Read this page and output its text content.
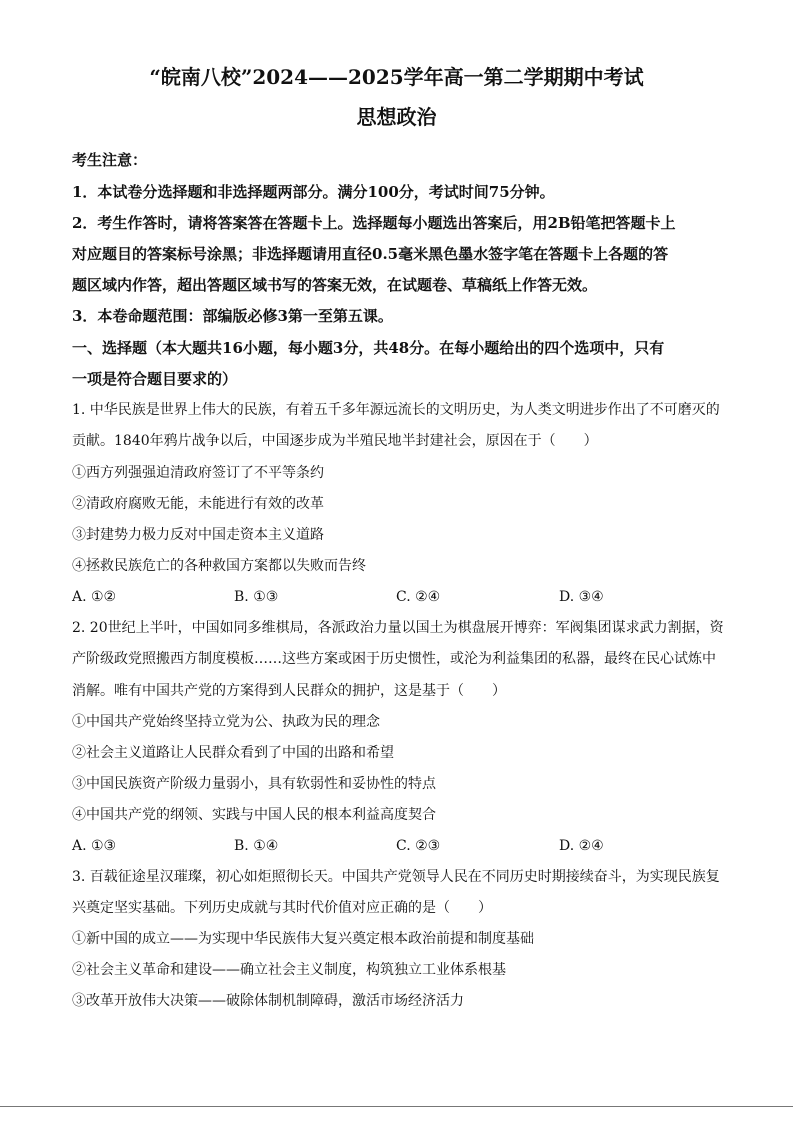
“皖南八校”2024——2025学年高一第二学期期中考试
思想政治
考生注意：
1．本试卷分选择题和非选择题两部分。满分100分，考试时间75分钟。
2．考生作答时，请将答案答在答题卡上。选择题每小题选出答案后，用2B铅笔把答题卡上
对应题目的答案标号涂黑；非选择题请用直径0.5毫米黑色墨水签字笔在答题卡上各题的答
题区域内作答，超出答题区域书写的答案无效，在试题卷、草稿纸上作答无效。
3．本卷命题范围：部编版必修3第一至第五课。
一、选择题（本大题共16小题，每小题3分，共48分。在每小题给出的四个选项中，只有
一项是符合题目要求的）
1. 中华民族是世界上伟大的民族，有着五千多年源远流长的文明历史，为人类文明进步作出了不可磨灭的
贡献。1840年鸦片战争以后，中国逐步成为半殖民地半封建社会，原因在于（　　）
①西方列强强迫清政府签订了不平等条约
②清政府腐败无能，未能进行有效的改革
③封建势力极力反对中国走资本主义道路
④拯救民族危亡的各种救国方案都以失败而告终
A. ①②	B. ①③	C. ②④	D. ③④
2. 20世纪上半叶，中国如同多维棋局，各派政治力量以国土为棋盘展开博弈：军阀集团谋求武力割据，资
产阶级政党照搬西方制度模板……这些方案或困于历史惯性，或沦为利益集团的私器，最终在民心试炼中
消解。唯有中国共产党的方案得到人民群众的拥护，这是基于（　　）
①中国共产党始终坚持立党为公、执政为民的理念
②社会主义道路让人民群众看到了中国的出路和希望
③中国民族资产阶级力量弱小，具有软弱性和妥协性的特点
④中国共产党的纲领、实践与中国人民的根本利益高度契合
A. ①③	B. ①④	C. ②③	D. ②④
3. 百载征途星汉璀璨，初心如炬照彻长天。中国共产党领导人民在不同历史时期接续奋斗，为实现民族复
兴奠定坚实基础。下列历史成就与其时代价值对应正确的是（　　）
①新中国的成立——为实现中华民族伟大复兴奠定根本政治前提和制度基础
②社会主义革命和建设——确立社会主义制度，构筑独立工业体系根基
③改革开放伟大决策——破除体制机制障碍，激活市场经济活力
